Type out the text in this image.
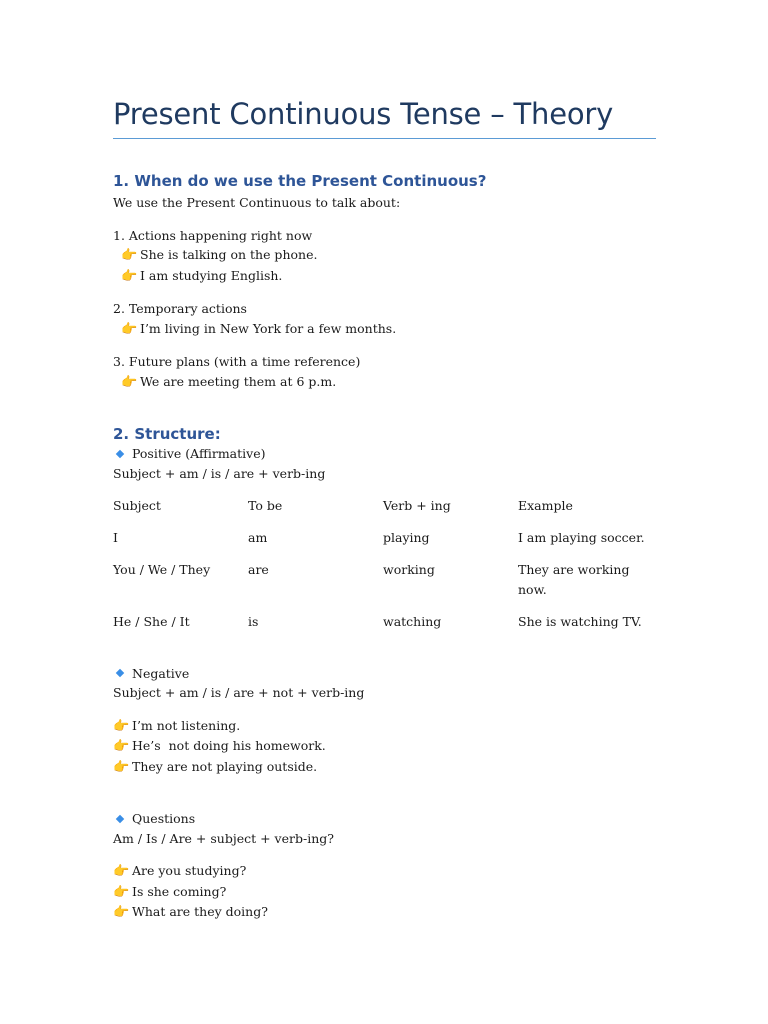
Present Continuous Tense – Theory
1. When do we use the Present Continuous?

We use the Present Continuous to talk about:

1. Actions happening right now

👉 She is talking on the phone.

👉 I am studying English.

2. Temporary actions

👉 I’m living in New York for a few months.

3. Future plans (with a time reference)

👉 We are meeting them at 6 p.m.

2. Structure:

Positive (Affirmative)

Subject + am / is / are + verb-ing

Subject	To be	Verb + ing	Example
I	am	playing	I am playing soccer.
You / We / They	are	working	They are working now.
He / She / It	is	watching	She is watching TV.

Negative

Subject + am / is / are + not + verb-ing

👉 I’m not listening.

👉 He’s  not doing his homework.

👉 They are not playing outside.

Questions

Am / Is / Are + subject + verb-ing?

👉 Are you studying?

👉 Is she coming?

👉 What are they doing?
